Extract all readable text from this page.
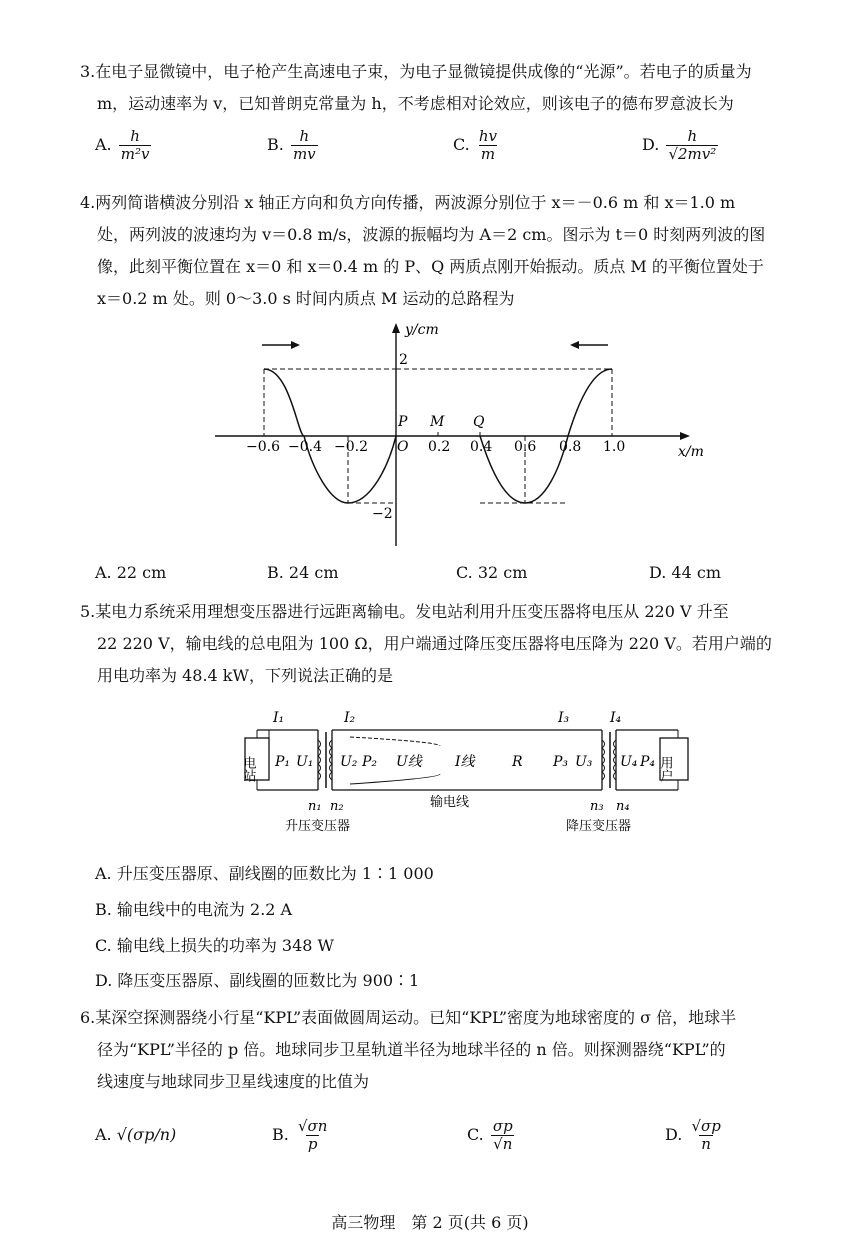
3.在电子显微镜中，电子枪产生高速电子束，为电子显微镜提供成像的“光源”。若电子的质量为
m，运动速率为 v，已知普朗克常量为 h，不考虑相对论效应，则该电子的德布罗意波长为
A. $\frac{h}{\text{m²v}}$	B. $\frac{h}{mv}$	C. $\frac{hv}{m}$	D. $\frac{h}{\text{√2mv²}}$
4.两列简谐横波分别沿 x 轴正方向和负方向传播，两波源分别位于 x＝－0.6 m 和 x＝1.0 m
处，两列波的波速均为 v＝0.8 m/s，波源的振幅均为 A＝2 cm。图示为 t＝0 时刻两列波的图
像，此刻平衡位置在 x＝0 和 x＝0.4 m 的 P、Q 两质点刚开始振动。质点 M 的平衡位置处于
x＝0.2 m 处。则 0～3.0 s 时间内质点 M 运动的总路程为
y/cm
x/m
2
−2
−0.6 −0.4 −0.2 O 0.2 0.4 0.6 0.8 1.0
P M Q
A. 22 cm	B. 24 cm	C. 32 cm	D. 44 cm
5.某电力系统采用理想变压器进行远距离输电。发电站利用升压变压器将电压从 220 V 升至
22 220 V，输电线的总电阻为 100 Ω，用户端通过降压变压器将电压降为 220 V。若用户端的
用电功率为 48.4 kW，下列说法正确的是
电站	用户
I₁	I₂	I₃	I₄
P₁ U₁ U₂ P₂ U线 I线	R P₃ U₃ U₄ P₄
n₁ n₂	n₃ n₄
输电线
升压变压器	降压变压器
A. 升压变压器原、副线圈的匝数比为 1∶1 000
B. 输电线中的电流为 2.2 A
C. 输电线上损失的功率为 348 W
D. 降压变压器原、副线圈的匝数比为 900∶1
6.某深空探测器绕小行星“KPL”表面做圆周运动。已知“KPL”密度为地球密度的 σ 倍，地球半
径为“KPL”半径的 p 倍。地球同步卫星轨道半径为地球半径的 n 倍。则探测器绕“KPL”的
线速度与地球同步卫星线速度的比值为
A. √(σp/n)	B. $\frac{√\sigma n}{p}$	C. $\frac{\sigma p}{√n}$	D. $\frac{√\sigma p}{n}$
高三物理　第 2 页(共 6 页)
